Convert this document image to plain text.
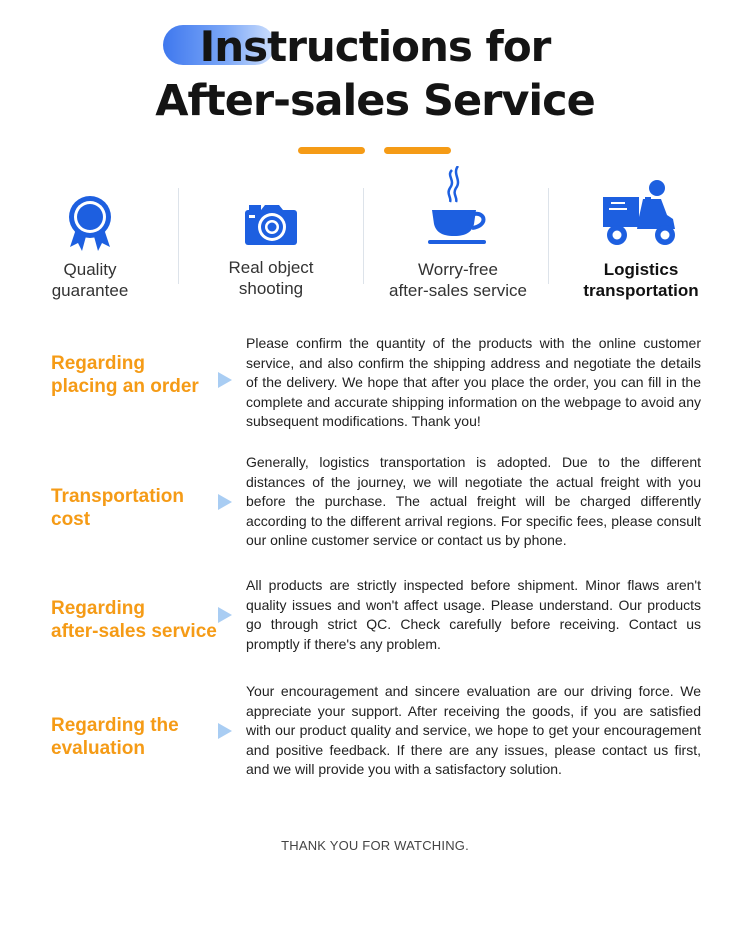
Instructions for
After-sales Service
Quality
guarantee
Real object
shooting
Worry-free
after-sales service
Logistics
transportation
Regarding
placing an order
Please confirm the quantity of the products with the online customer service, and also confirm the shipping address and negotiate the details of the delivery. We hope that after you place the order, you can fill in the complete and accurate shipping information on the webpage to avoid any subsequent modifications. Thank you!
Transportation
cost
Generally, logistics transportation is adopted. Due to the different distances of the journey, we will negotiate the actual freight with you before the purchase. The actual freight will be charged differently according to the different arrival regions. For specific fees, please consult our online customer service or contact us by phone.
Regarding
after-sales service
All products are strictly inspected before shipment. Minor flaws aren't quality issues and won't affect usage. Please understand. Our products go through strict QC. Check carefully before receiving. Contact us promptly if there's any problem.
Regarding the
evaluation
Your encouragement and sincere evaluation are our driving force. We appreciate your support. After receiving the goods, if you are satisfied with our product quality and service, we hope to get your encouragement and positive feedback. If there are any issues, please contact us first, and we will provide you with a satisfactory solution.
THANK YOU FOR WATCHING.
